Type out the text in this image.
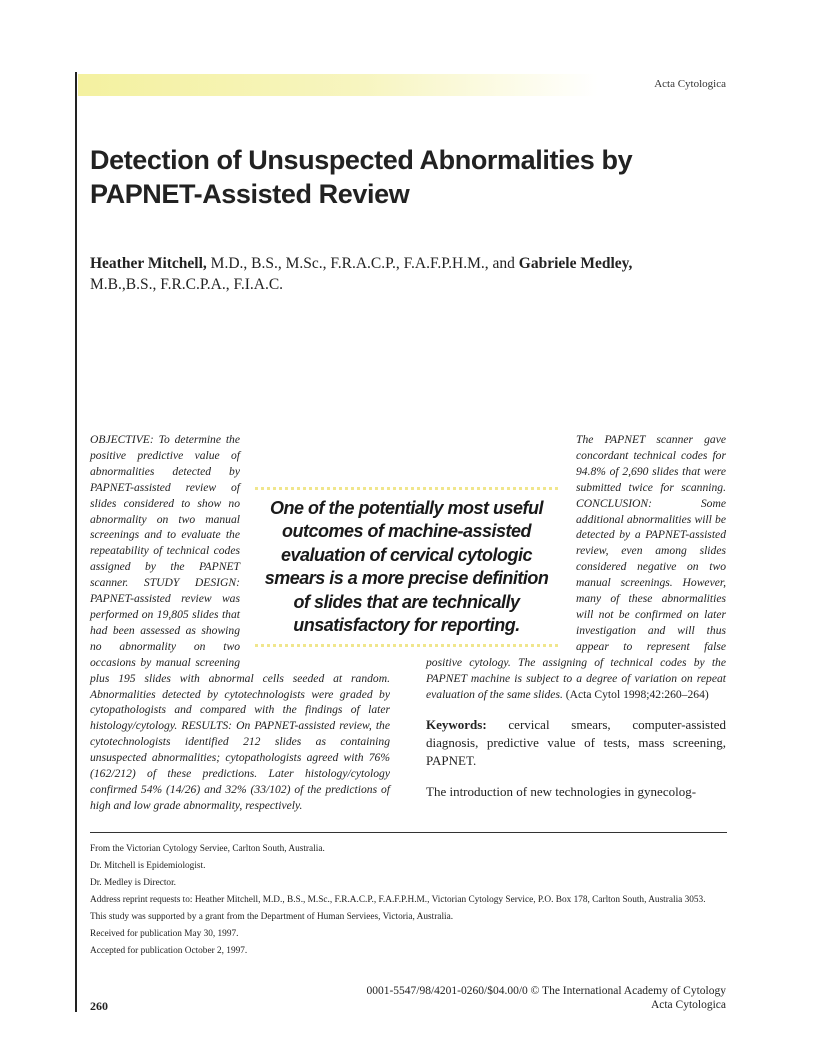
Acta Cytologica
Detection of Unsuspected Abnormalities by PAPNET-Assisted Review
Heather Mitchell, M.D., B.S., M.Sc., F.R.A.C.P., F.A.F.P.H.M., and Gabriele Medley,
M.B.,B.S., F.R.C.P.A., F.I.A.C.

OBJECTIVE: To determine the positive predictive value of abnormalities detected by PAPNET-assisted review of slides considered to show no abnormality on two manual screenings and to evaluate the repeatability of technical codes assigned by the PAPNET scanner. STUDY DESIGN: PAPNET-assisted review was performed on 19,805 slides that had been assessed as showing no abnormality on two occasions by manual screening plus 195 slides with abnormal cells seeded at random. Abnormalities detected by cytotechnologists were graded by cytopathologists and compared with the findings of later histology/cytology. RESULTS: On PAPNET-assisted review, the cytotechnologists identified 212 slides as containing unsuspected abnormalities; cytopathologists agreed with 76% (162/212) of these predictions. Later histology/cytology confirmed 54% (14/26) and 32% (33/102) of the predictions of high and low grade abnormality, respectively.

The PAPNET scanner gave concordant technical codes for 94.8% of 2,690 slides that were submitted twice for scanning. CONCLUSION: Some additional abnormalities will be detected by a PAPNET-assisted review, even among slides considered negative on two manual screenings. However, many of these abnormalities will not be confirmed on later investigation and will thus appear to represent false positive cytology. The assigning of technical codes by the PAPNET machine is subject to a degree of variation on repeat evaluation of the same slides. (Acta Cytol 1998;42:260–264)

Keywords: cervical smears, computer-assisted diagnosis, predictive value of tests, mass screening, PAPNET.

The introduction of new technologies in gynecolog-

One of the potentially most useful outcomes of machine-assisted evaluation of cervical cytologic smears is a more precise definition of slides that are technically unsatisfactory for reporting.
From the Victorian Cytology Serviee, Carlton South, Australia.
Dr. Mitchell is Epidemiologist.
Dr. Medley is Director.
Address reprint requests to: Heather Mitchell, M.D., B.S., M.Sc., F.R.A.C.P., F.A.F.P.H.M., Victorian Cytology Service, P.O. Box 178, Carlton South, Australia 3053.
This study was supported by a grant from the Department of Human Serviees, Victoria, Australia.
Received for publication May 30, 1997.
Accepted for publication October 2, 1997.
0001-5547/98/4201-0260/$04.00/0 © The International Academy of Cytology
260	Acta Cytologica
